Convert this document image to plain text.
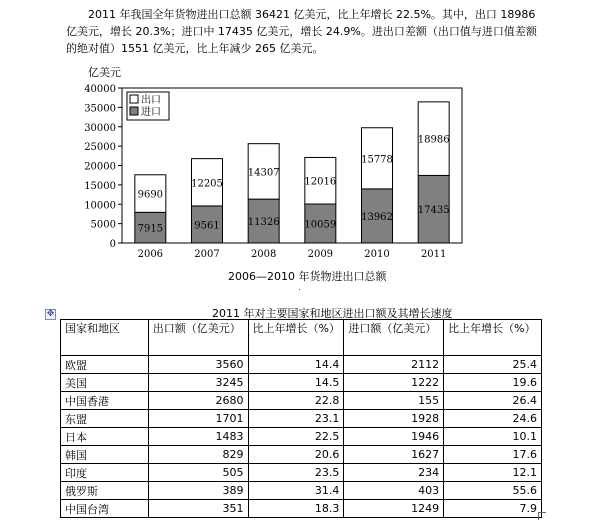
2011 年我国全年货物进出口总额 36421 亿美元，比上年增长 22.5%。其中，出口 18986 亿美元，增长 20.3%；进口中 17435 亿美元，增长 24.9%。进出口差额（出口值与进口值差额的绝对值）1551 亿美元，比上年减少 265 亿美元。

亿美元
0
5000
10000
15000
20000
25000
30000
35000
40000
7915
9690
2006
9561
12205
2007
11326
14307
2008
10059
12016
2009
13962
15778
2010
17435
18986
2011
出口
进口

2006—2010 年货物进出口总额

.
✥	2011 年对主要国家和地区进出口额及其增长速度

国家和地区	出口额（亿美元）	比上年增长（%）	进口额（亿美元）	比上年增长（%）
欧盟	3560	14.4	2112	25.4
美国	3245	14.5	1222	19.6
中国香港	2680	22.8	155	26.4
东盟	1701	23.1	1928	24.6
日本	1483	22.5	1946	10.1
韩国	829	20.6	1627	17.6
印度	505	23.5	234	12.1
俄罗斯	389	31.4	403	55.6
中国台湾	351	18.3	1249	7.9
